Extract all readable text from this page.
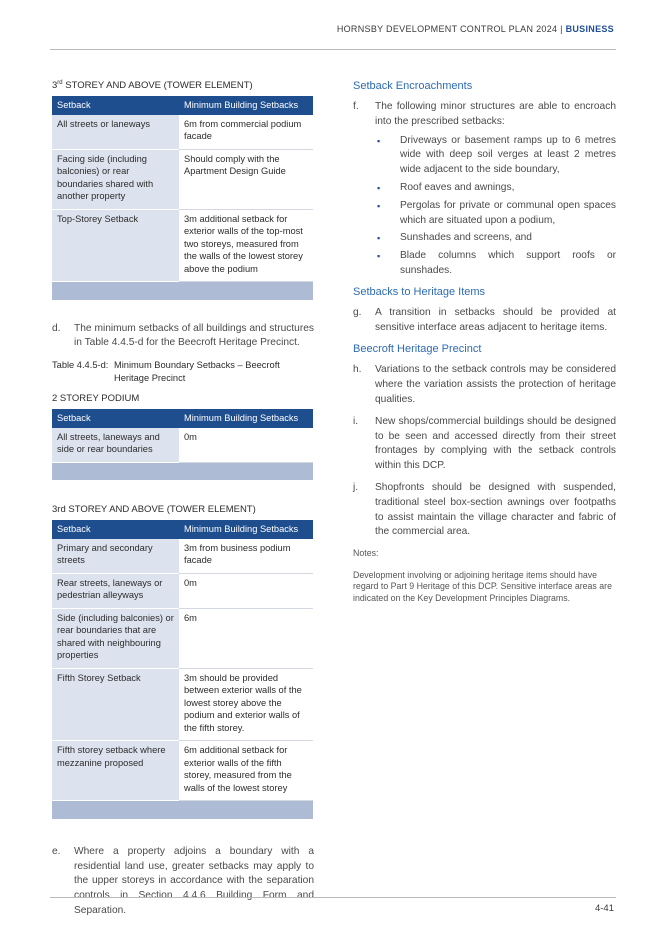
HORNSBY DEVELOPMENT CONTROL PLAN 2024 | BUSINESS
3rd STOREY AND ABOVE (TOWER ELEMENT)
Setback	Minimum Building Setbacks
All streets or laneways	6m from commercial podium facade
Facing side (including balconies) or rear boundaries shared with another property	Should comply with the Apartment Design Guide
Top-Storey Setback	3m additional setback for exterior walls of the top-most two storeys, measured from the walls of the lowest storey above the podium

d.	The minimum setbacks of all buildings and structures in Table 4.4.5-d for the Beecroft Heritage Precinct.
Table 4.4.5-d: Minimum Boundary Setbacks – Beecroft Heritage Precinct
2 STOREY PODIUM
Setback	Minimum Building Setbacks
All streets, laneways and side or rear boundaries	0m

3rd STOREY AND ABOVE (TOWER ELEMENT)
Setback	Minimum Building Setbacks
Primary and secondary streets	3m from business podium facade
Rear streets, laneways or pedestrian alleyways	0m
Side (including balconies) or rear boundaries that are shared with neighbouring properties	6m
Fifth Storey Setback	3m should be provided between exterior walls of the lowest storey above the podium and exterior walls of the fifth storey.
Fifth storey setback where mezzanine proposed	6m additional setback for exterior walls of the fifth storey, measured from the walls of the lowest storey

e.	Where a property adjoins a boundary with a residential land use, greater setbacks may apply to the upper storeys in accordance with the separation controls in Section 4.4.6 Building Form and Separation.
Setback Encroachments
f.	The following minor structures are able to encroach into the prescribed setbacks:
▪	Driveways or basement ramps up to 6 metres wide with deep soil verges at least 2 metres wide adjacent to the side boundary,
▪	Roof eaves and awnings,
▪	Pergolas for private or communal open spaces which are situated upon a podium,
▪	Sunshades and screens, and
▪	Blade columns which support roofs or sunshades.
Setbacks to Heritage Items
g.	A transition in setbacks should be provided at sensitive interface areas adjacent to heritage items.
Beecroft Heritage Precinct
h.	Variations to the setback controls may be considered where the variation assists the protection of heritage qualities.
i.	New shops/commercial buildings should be designed to be seen and accessed directly from their street frontages by complying with the setback controls within this DCP.
j.	Shopfronts should be designed with suspended, traditional steel box-section awnings over footpaths to assist maintain the village character and fabric of the commercial area.
Notes:
Development involving or adjoining heritage items should have regard to Part 9 Heritage of this DCP. Sensitive interface areas are indicated on the Key Development Principles Diagrams.
4-41
